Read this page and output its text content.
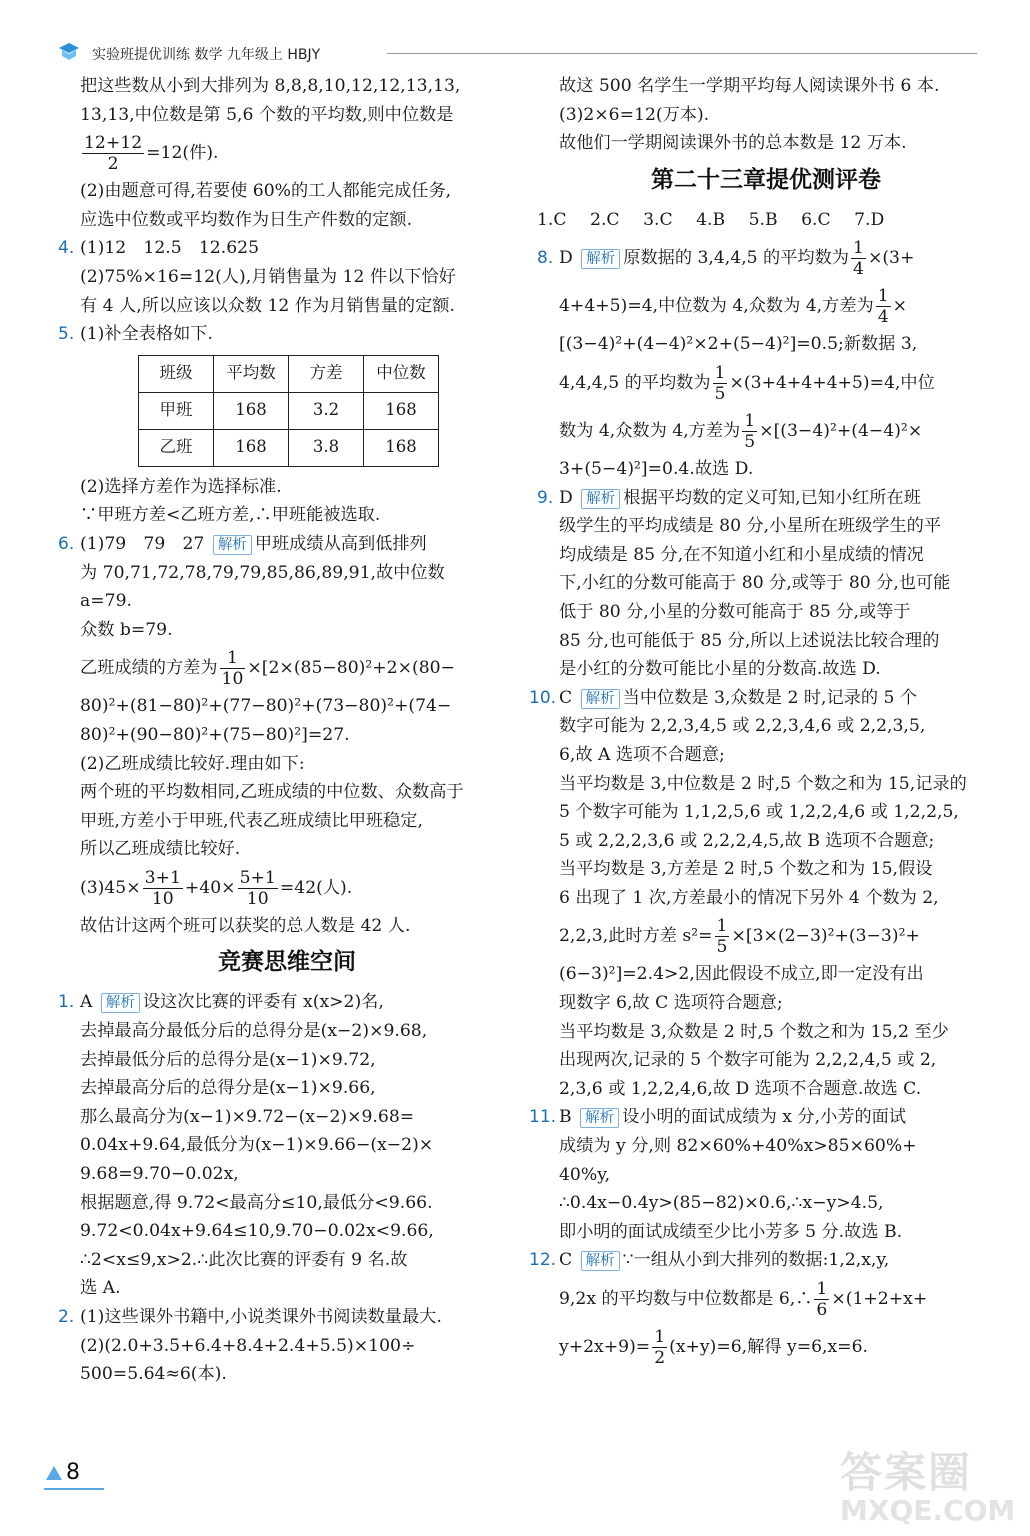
实验班提优训练 数学 九年级上 HBJY

把这些数从小到大排列为 8,8,8,10,12,12,13,13,

13,13,中位数是第 5,6 个数的平均数,则中位数是

$\frac{12+12}{2} =12$(件).

(2)由题意可得,若要使 60%的工人都能完成任务,

应选中位数或平均数作为日生产件数的定额.

4. (1)12　12.5　12.625

(2)75%×16=12(人),月销售量为 12 件以下恰好

有 4 人,所以应该以众数 12 作为月销售量的定额.

5. (1)补全表格如下.

班级	平均数	方差	中位数
甲班	168	3.2	168
乙班	168	3.8	168

(2)选择方差作为选择标准.

∵甲班方差<乙班方差,∴甲班能被选取.

6. (1)79　79　27 解析 甲班成绩从高到低排列

为 70,71,72,78,79,79,85,86,89,91,故中位数

a=79.

众数 b=79.

乙班成绩的方差为 $\frac{1}{10} \times[2\times(85-80)^2+2\times(80-$

80)²+(81−80)²+(77−80)²+(73−80)²+(74−

80)²+(90−80)²+(75−80)²]=27.

(2)乙班成绩比较好.理由如下:

两个班的平均数相同,乙班成绩的中位数、众数高于

甲班,方差小于甲班,代表乙班成绩比甲班稳定,

所以乙班成绩比较好.

$(3)45\times \frac{3+1}{10} +40\times \frac{5+1}{10} =42$(人).

故估计这两个班可以获奖的总人数是 42 人.

竞赛思维空间

1. A 解析 设这次比赛的评委有 x(x>2)名,

去掉最高分最低分后的总得分是(x−2)×9.68,

去掉最低分后的总得分是(x−1)×9.72,

去掉最高分后的总得分是(x−1)×9.66,

那么最高分为(x−1)×9.72−(x−2)×9.68=

0.04x+9.64,最低分为(x−1)×9.66−(x−2)×

9.68=9.70−0.02x,

根据题意,得 9.72<最高分≤10,最低分<9.66.

9.72<0.04x+9.64≤10,9.70−0.02x<9.66,

∴2<x≤9,x>2.∴此次比赛的评委有 9 名.故

选 A.

2. (1)这些课外书籍中,小说类课外书阅读数量最大.

(2)(2.0+3.5+6.4+8.4+2.4+5.5)×100÷

500=5.64≈6(本).

故这 500 名学生一学期平均每人阅读课外书 6 本.

(3)2×6=12(万本).

故他们一学期阅读课外书的总本数是 12 万本.

第二十三章提优测评卷

1.C 2.C 3.C 4.B 5.B 6.C 7.D

8. D 解析 原数据的 3,4,4,5 的平均数为 $\frac{1}{4} \times(3+$

4+4+5)=4,中位数为 4,众数为 4,方差为 $\frac{1}{4}$ ×

[(3−4)²+(4−4)²×2+(5−4)²]=0.5;新数据 3,

4,4,4,5 的平均数为 $\frac{1}{5} \times(3+4+4+4+5)=4$,中位

数为 4,众数为 4,方差为 $\frac{1}{5} \times[(3-4)^2+(4-4)^2\times$

3+(5−4)²]=0.4.故选 D.

9. D 解析 根据平均数的定义可知,已知小红所在班

级学生的平均成绩是 80 分,小星所在班级学生的平

均成绩是 85 分,在不知道小红和小星成绩的情况

下,小红的分数可能高于 80 分,或等于 80 分,也可能

低于 80 分,小星的分数可能高于 85 分,或等于

85 分,也可能低于 85 分,所以上述说法比较合理的

是小红的分数可能比小星的分数高.故选 D.

10. C 解析 当中位数是 3,众数是 2 时,记录的 5 个

数字可能为 2,2,3,4,5 或 2,2,3,4,6 或 2,2,3,5,

6,故 A 选项不合题意;

当平均数是 3,中位数是 2 时,5 个数之和为 15,记录的

5 个数字可能为 1,1,2,5,6 或 1,2,2,4,6 或 1,2,2,5,

5 或 2,2,2,3,6 或 2,2,2,4,5,故 B 选项不合题意;

当平均数是 3,方差是 2 时,5 个数之和为 15,假设

6 出现了 1 次,方差最小的情况下另外 4 个数为 2,

2,2,3,此时方差 $s^2= \frac{1}{5} \times[3\times(2-3)^2+(3-3)^2+$

(6−3)²]=2.4>2,因此假设不成立,即一定没有出

现数字 6,故 C 选项符合题意;

当平均数是 3,众数是 2 时,5 个数之和为 15,2 至少

出现两次,记录的 5 个数字可能为 2,2,2,4,5 或 2,

2,3,6 或 1,2,2,4,6,故 D 选项不合题意.故选 C.

11. B 解析 设小明的面试成绩为 x 分,小芳的面试

成绩为 y 分,则 82×60%+40%x>85×60%+

40%y,

∴0.4x−0.4y>(85−82)×0.6,∴x−y>4.5,

即小明的面试成绩至少比小芳多 5 分.故选 B.

12. C 解析 ∵一组从小到大排列的数据:1,2,x,y,

9,2x 的平均数与中位数都是 6,∴ $\frac{1}{6} \times(1+2+x+$

$y+2x+9)= \frac{1}{2} (x+y)=6$,解得 y=6,x=6.

8	答案圈
MXQE.COM
